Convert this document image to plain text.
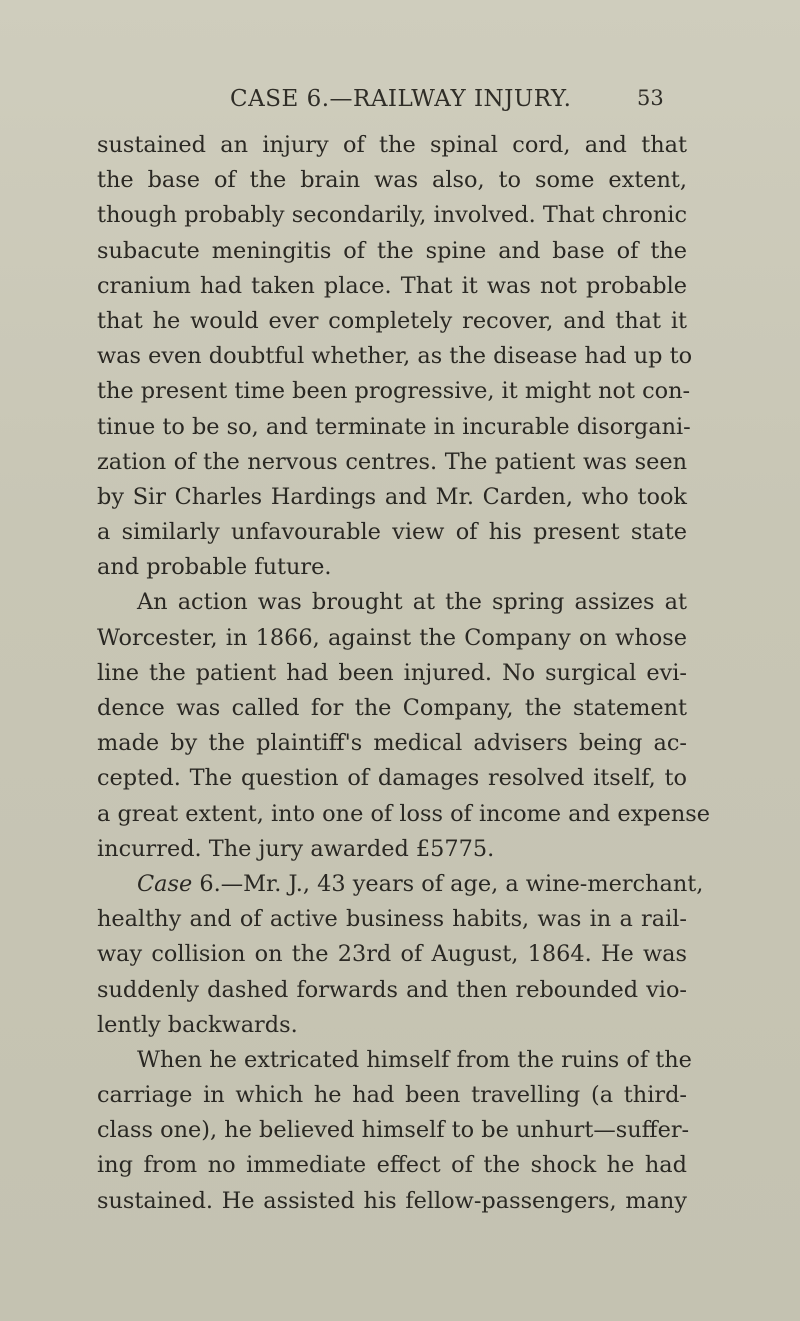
CASE 6.—RAILWAY INJURY.	53
sustained an injury of the spinal cord, and that
the base of the brain was also, to some extent,
though probably secondarily, involved. That chronic
subacute meningitis of the spine and base of the
cranium had taken place. That it was not probable
that he would ever completely recover, and that it
was even doubtful whether, as the disease had up to
the present time been progressive, it might not con-
tinue to be so, and terminate in incurable disorgani-
zation of the nervous centres. The patient was seen
by Sir Charles Hardings and Mr. Carden, who took
a similarly unfavourable view of his present state
and probable future.
An action was brought at the spring assizes at
Worcester, in 1866, against the Company on whose
line the patient had been injured. No surgical evi-
dence was called for the Company, the statement
made by the plaintiff's medical advisers being ac-
cepted. The question of damages resolved itself, to
a great extent, into one of loss of income and expense
incurred. The jury awarded £5775.
Case 6.—Mr. J., 43 years of age, a wine-merchant,
healthy and of active business habits, was in a rail-
way collision on the 23rd of August, 1864. He was
suddenly dashed forwards and then rebounded vio-
lently backwards.
When he extricated himself from the ruins of the
carriage in which he had been travelling (a third-
class one), he believed himself to be unhurt—suffer-
ing from no immediate effect of the shock he had
sustained. He assisted his fellow-passengers, many
